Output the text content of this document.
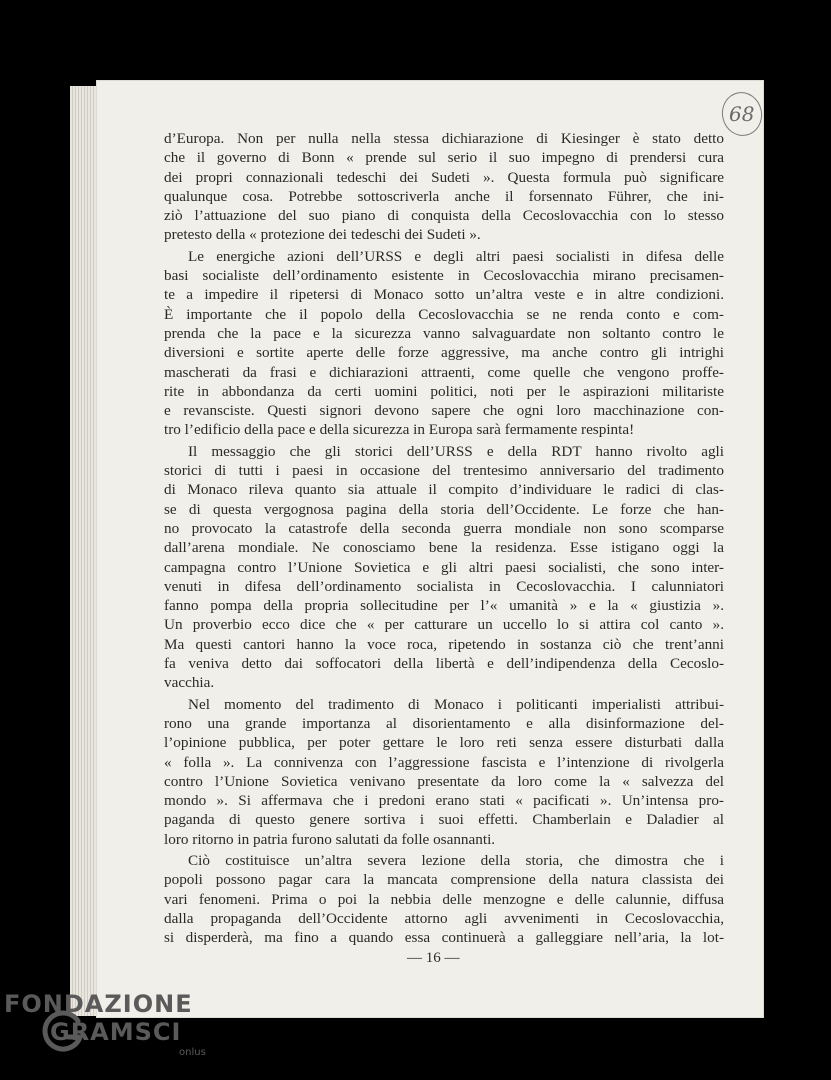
68
d’Europa. Non per nulla nella stessa dichiarazione di Kiesinger è stato detto
che il governo di Bonn « prende sul serio il suo impegno di prendersi cura
dei propri connazionali tedeschi dei Sudeti ». Questa formula può significare
qualunque cosa. Potrebbe sottoscriverla anche il forsennato Führer, che ini-
ziò l’attuazione del suo piano di conquista della Cecoslovacchia con lo stesso
pretesto della « protezione dei tedeschi dei Sudeti ».
Le energiche azioni dell’URSS e degli altri paesi socialisti in difesa delle
basi socialiste dell’ordinamento esistente in Cecoslovacchia mirano precisamen-
te a impedire il ripetersi di Monaco sotto un’altra veste e in altre condizioni.
È importante che il popolo della Cecoslovacchia se ne renda conto e com-
prenda che la pace e la sicurezza vanno salvaguardate non soltanto contro le
diversioni e sortite aperte delle forze aggressive, ma anche contro gli intrighi
mascherati da frasi e dichiarazioni attraenti, come quelle che vengono proffe-
rite in abbondanza da certi uomini politici, noti per le aspirazioni militariste
e revansciste. Questi signori devono sapere che ogni loro macchinazione con-
tro l’edificio della pace e della sicurezza in Europa sarà fermamente respinta!
Il messaggio che gli storici dell’URSS e della RDT hanno rivolto agli
storici di tutti i paesi in occasione del trentesimo anniversario del tradimento
di Monaco rileva quanto sia attuale il compito d’individuare le radici di clas-
se di questa vergognosa pagina della storia dell’Occidente. Le forze che han-
no provocato la catastrofe della seconda guerra mondiale non sono scomparse
dall’arena mondiale. Ne conosciamo bene la residenza. Esse istigano oggi la
campagna contro l’Unione Sovietica e gli altri paesi socialisti, che sono inter-
venuti in difesa dell’ordinamento socialista in Cecoslovacchia. I calunniatori
fanno pompa della propria sollecitudine per l’« umanità » e la « giustizia ».
Un proverbio ecco dice che « per catturare un uccello lo si attira col canto ».
Ma questi cantori hanno la voce roca, ripetendo in sostanza ciò che trent’anni
fa veniva detto dai soffocatori della libertà e dell’indipendenza della Cecoslo-
vacchia.
Nel momento del tradimento di Monaco i politicanti imperialisti attribui-
rono una grande importanza al disorientamento e alla disinformazione del-
l’opinione pubblica, per poter gettare le loro reti senza essere disturbati dalla
« folla ». La connivenza con l’aggressione fascista e l’intenzione di rivolgerla
contro l’Unione Sovietica venivano presentate da loro come la « salvezza del
mondo ». Si affermava che i predoni erano stati « pacificati ». Un’intensa pro-
paganda di questo genere sortiva i suoi effetti. Chamberlain e Daladier al
loro ritorno in patria furono salutati da folle osannanti.
Ciò costituisce un’altra severa lezione della storia, che dimostra che i
popoli possono pagar cara la mancata comprensione della natura classista dei
vari fenomeni. Prima o poi la nebbia delle menzogne e delle calunnie, diffusa
dalla propaganda dell’Occidente attorno agli avvenimenti in Cecoslovacchia,
si disperderà, ma fino a quando essa continuerà a galleggiare nell’aria, la lot-
— 16 —
FONDAZIONE
GRAMSCI
onlus
